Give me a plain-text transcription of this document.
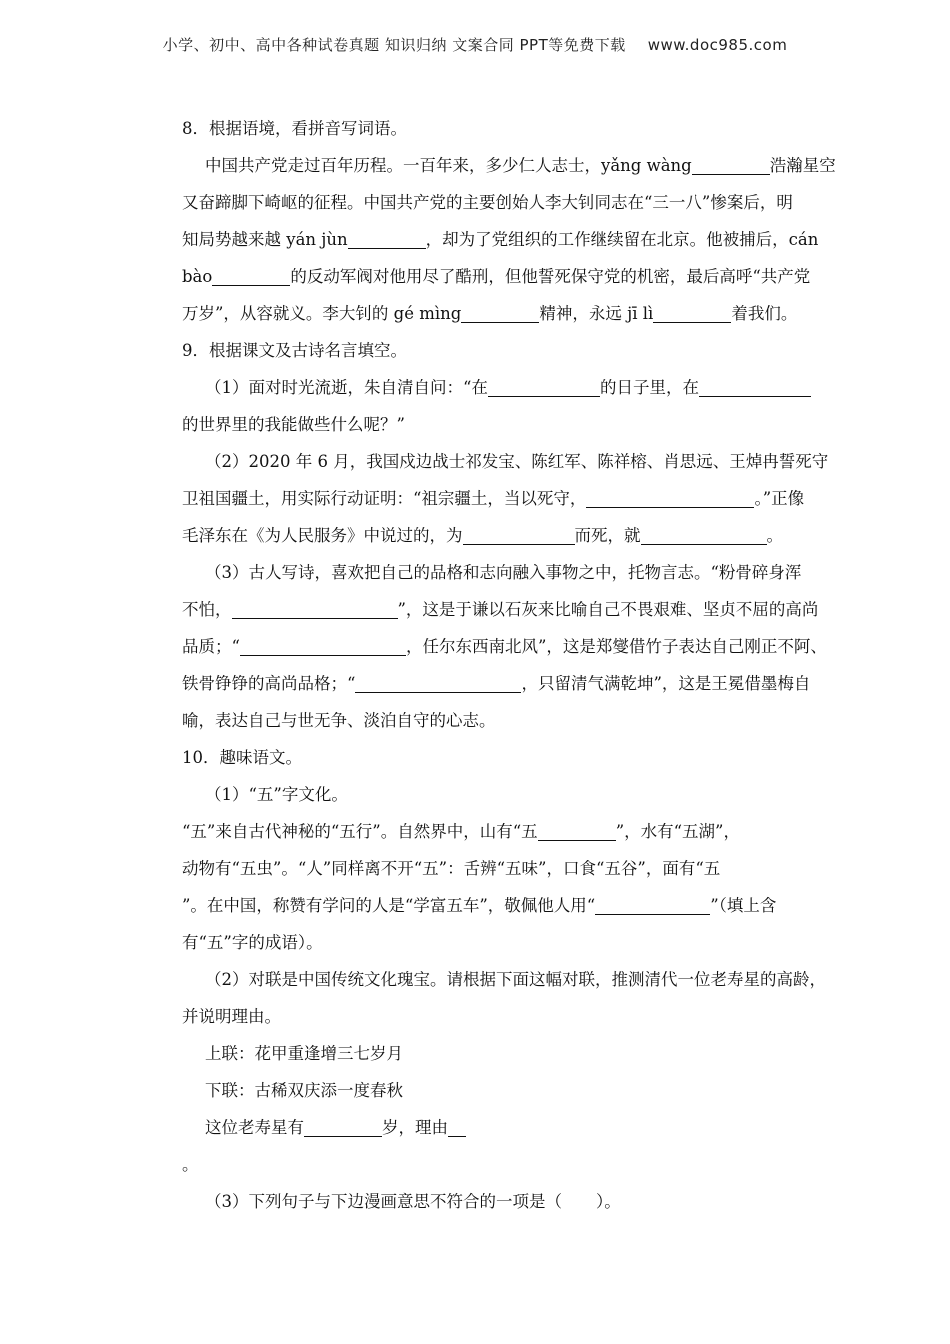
小学、初中、高中各种试卷真题 知识归纳 文案合同 PPT等免费下载 www.doc985.com
8．根据语境，看拼音写词语。
中国共产党走过百年历程。一百年来，多少仁人志士，yǎng wàng	浩瀚星空
又奋蹄脚下崎岖的征程。中国共产党的主要创始人李大钊同志在“三一八”惨案后，明
知局势越来越 yán jùn	，却为了党组织的工作继续留在北京。他被捕后，cán
bào	的反动军阀对他用尽了酷刑，但他誓死保守党的机密，最后高呼“共产党
万岁”，从容就义。李大钊的 gé mìng	精神，永远 jī lì	着我们。
9．根据课文及古诗名言填空。
（1）面对时光流逝，朱自清自问：“在	的日子里，在
的世界里的我能做些什么呢？”
（2）2020 年 6 月，我国戍边战士祁发宝、陈红军、陈祥榕、肖思远、王焯冉誓死守
卫祖国疆土，用实际行动证明：“祖宗疆土，当以死守，	。”正像
毛泽东在《为人民服务》中说过的，为	而死，就	。
（3）古人写诗，喜欢把自己的品格和志向融入事物之中，托物言志。“粉骨碎身浑
不怕，	”，这是于谦以石灰来比喻自己不畏艰难、坚贞不屈的高尚
品质；“	，任尔东西南北风”，这是郑燮借竹子表达自己刚正不阿、
铁骨铮铮的高尚品格；“	，只留清气满乾坤”，这是王冕借墨梅自
喻，表达自己与世无争、淡泊自守的心志。
10．趣味语文。
（1）“五”字文化。
“五”来自古代神秘的“五行”。自然界中，山有“五	”，水有“五湖”，
动物有“五虫”。“人”同样离不开“五”：舌辨“五味”，口食“五谷”，面有“五
”。在中国，称赞有学问的人是“学富五车”，敬佩他人用“	”（填上含
有“五”字的成语）。
（2）对联是中国传统文化瑰宝。请根据下面这幅对联，推测清代一位老寿星的高龄，
并说明理由。
上联：花甲重逢增三七岁月
下联：古稀双庆添一度春秋
这位老寿星有	岁，理由
。
（3）下列句子与下边漫画意思不符合的一项是（ ）。
